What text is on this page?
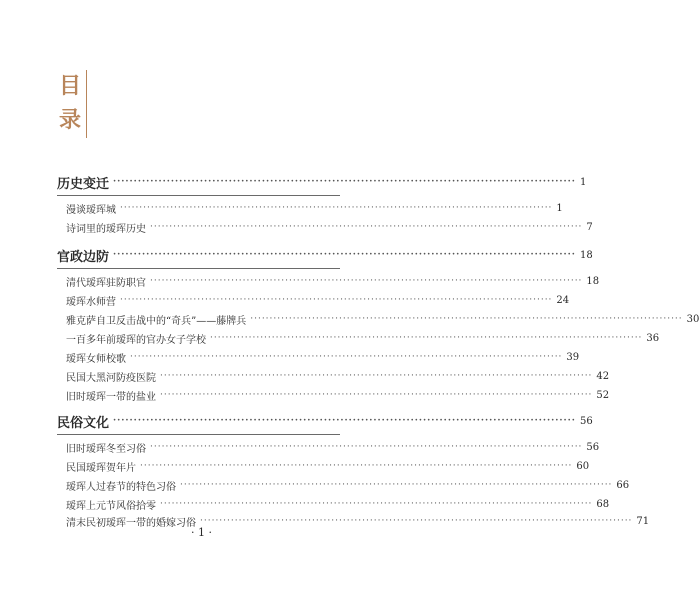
目
录
历史变迁 ················································································································ 1
漫谈瑷珲城 ················································································································ 1
诗词里的瑷珲历史 ················································································································ 7
官政边防 ················································································································ 18
清代瑷珲驻防职官 ················································································································ 18
瑷珲水师营 ················································································································ 24
雅克萨自卫反击战中的“奇兵”——藤牌兵 ················································································································ 30
一百多年前瑷珲的官办女子学校 ················································································································ 36
瑷珲女师校歌 ················································································································ 39
民国大黑河防疫医院 ················································································································ 42
旧时瑷珲一带的盐业 ················································································································ 52
民俗文化 ················································································································ 56
旧时瑷珲冬至习俗 ················································································································ 56
民国瑷珲贺年片 ················································································································ 60
瑷珲人过春节的特色习俗 ················································································································ 66
瑷珲上元节风俗拾零 ················································································································ 68
清末民初瑷珲一带的婚嫁习俗 ················································································································ 71
· 1 ·
